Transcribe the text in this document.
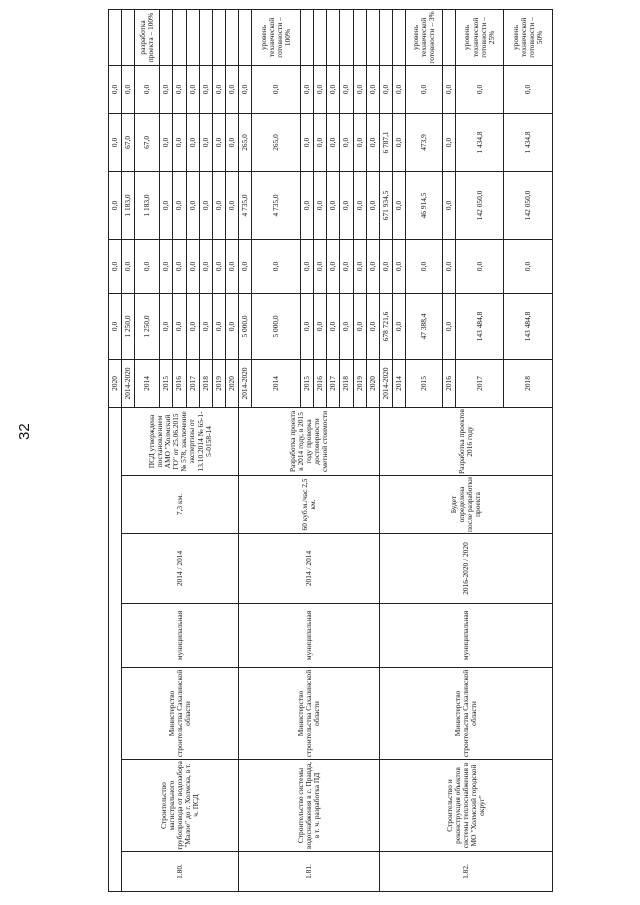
32
							2020	0,0	0,0	0,0	0,0	0,0	
1.80.	Строительство магистрального трубопровода от водозабора "Малое" до г. Холмска, в т. ч. ПСД	Министерство строительства Сахалинской области	муниципальная	2014 / 2014	7,3 км.	ПСД утверждена постановлением АМО "Холмский ГО" от 25.06.2015 № 578, заключение экспертизы от 13.10.2014 № 65-1-5-0158-14	2014-2020	1 250,0	0,0	1 183,0	67,0	0,0	
							2014	1 250,0	0,0	1 183,0	67,0	0,0	разработка проекта – 100%
							2015	0,0	0,0	0,0	0,0	0,0	
							2016	0,0	0,0	0,0	0,0	0,0	
							2017	0,0	0,0	0,0	0,0	0,0	
							2018	0,0	0,0	0,0	0,0	0,0	
							2019	0,0	0,0	0,0	0,0	0,0	
							2020	0,0	0,0	0,0	0,0	0,0	
1.81.	Строительство системы водоснабжения в с. Правда, в т. ч. разработка ПД	Министерство строительства Сахалинской области	муниципальная	2014 / 2014	60 куб.м./час 2,5 км.	Разработка проекта в 2014 году, в 2015 году проверка достоверности сметной стоимости	2014-2020	5 000,0	0,0	4 735,0	265,0	0,0	
							2014	5 000,0	0,0	4 735,0	265,0	0,0	уровень технической готовности – 100%
							2015	0,0	0,0	0,0	0,0	0,0	
							2016	0,0	0,0	0,0	0,0	0,0	
							2017	0,0	0,0	0,0	0,0	0,0	
							2018	0,0	0,0	0,0	0,0	0,0	
							2019	0,0	0,0	0,0	0,0	0,0	
							2020	0,0	0,0	0,0	0,0	0,0	
1.82.	Строительство и реконструкция объектов системы теплоснабжения в МО "Холмский городской округ"	Министерство строительства Сахалинской области	муниципальная	2016-2020 / 2020	Будет определена после разработки проекта	Разработка проектов 2016 году	2014-2020	678 721,6	0,0	671 934,5	6 787,1	0,0	
							2014	0,0	0,0	0,0	0,0	0,0	
							2015	47 388,4	0,0	46 914,5	473,9	0,0	уровень технической готовности – 3%
							2016	0,0	0,0	0,0	0,0	0,0	
							2017	143 484,8	0,0	142 050,0	1 434,8	0,0	уровень технической готовности – 25%
							2018	143 484,8	0,0	142 050,0	1 434,8	0,0	уровень технической готовности – 50%
